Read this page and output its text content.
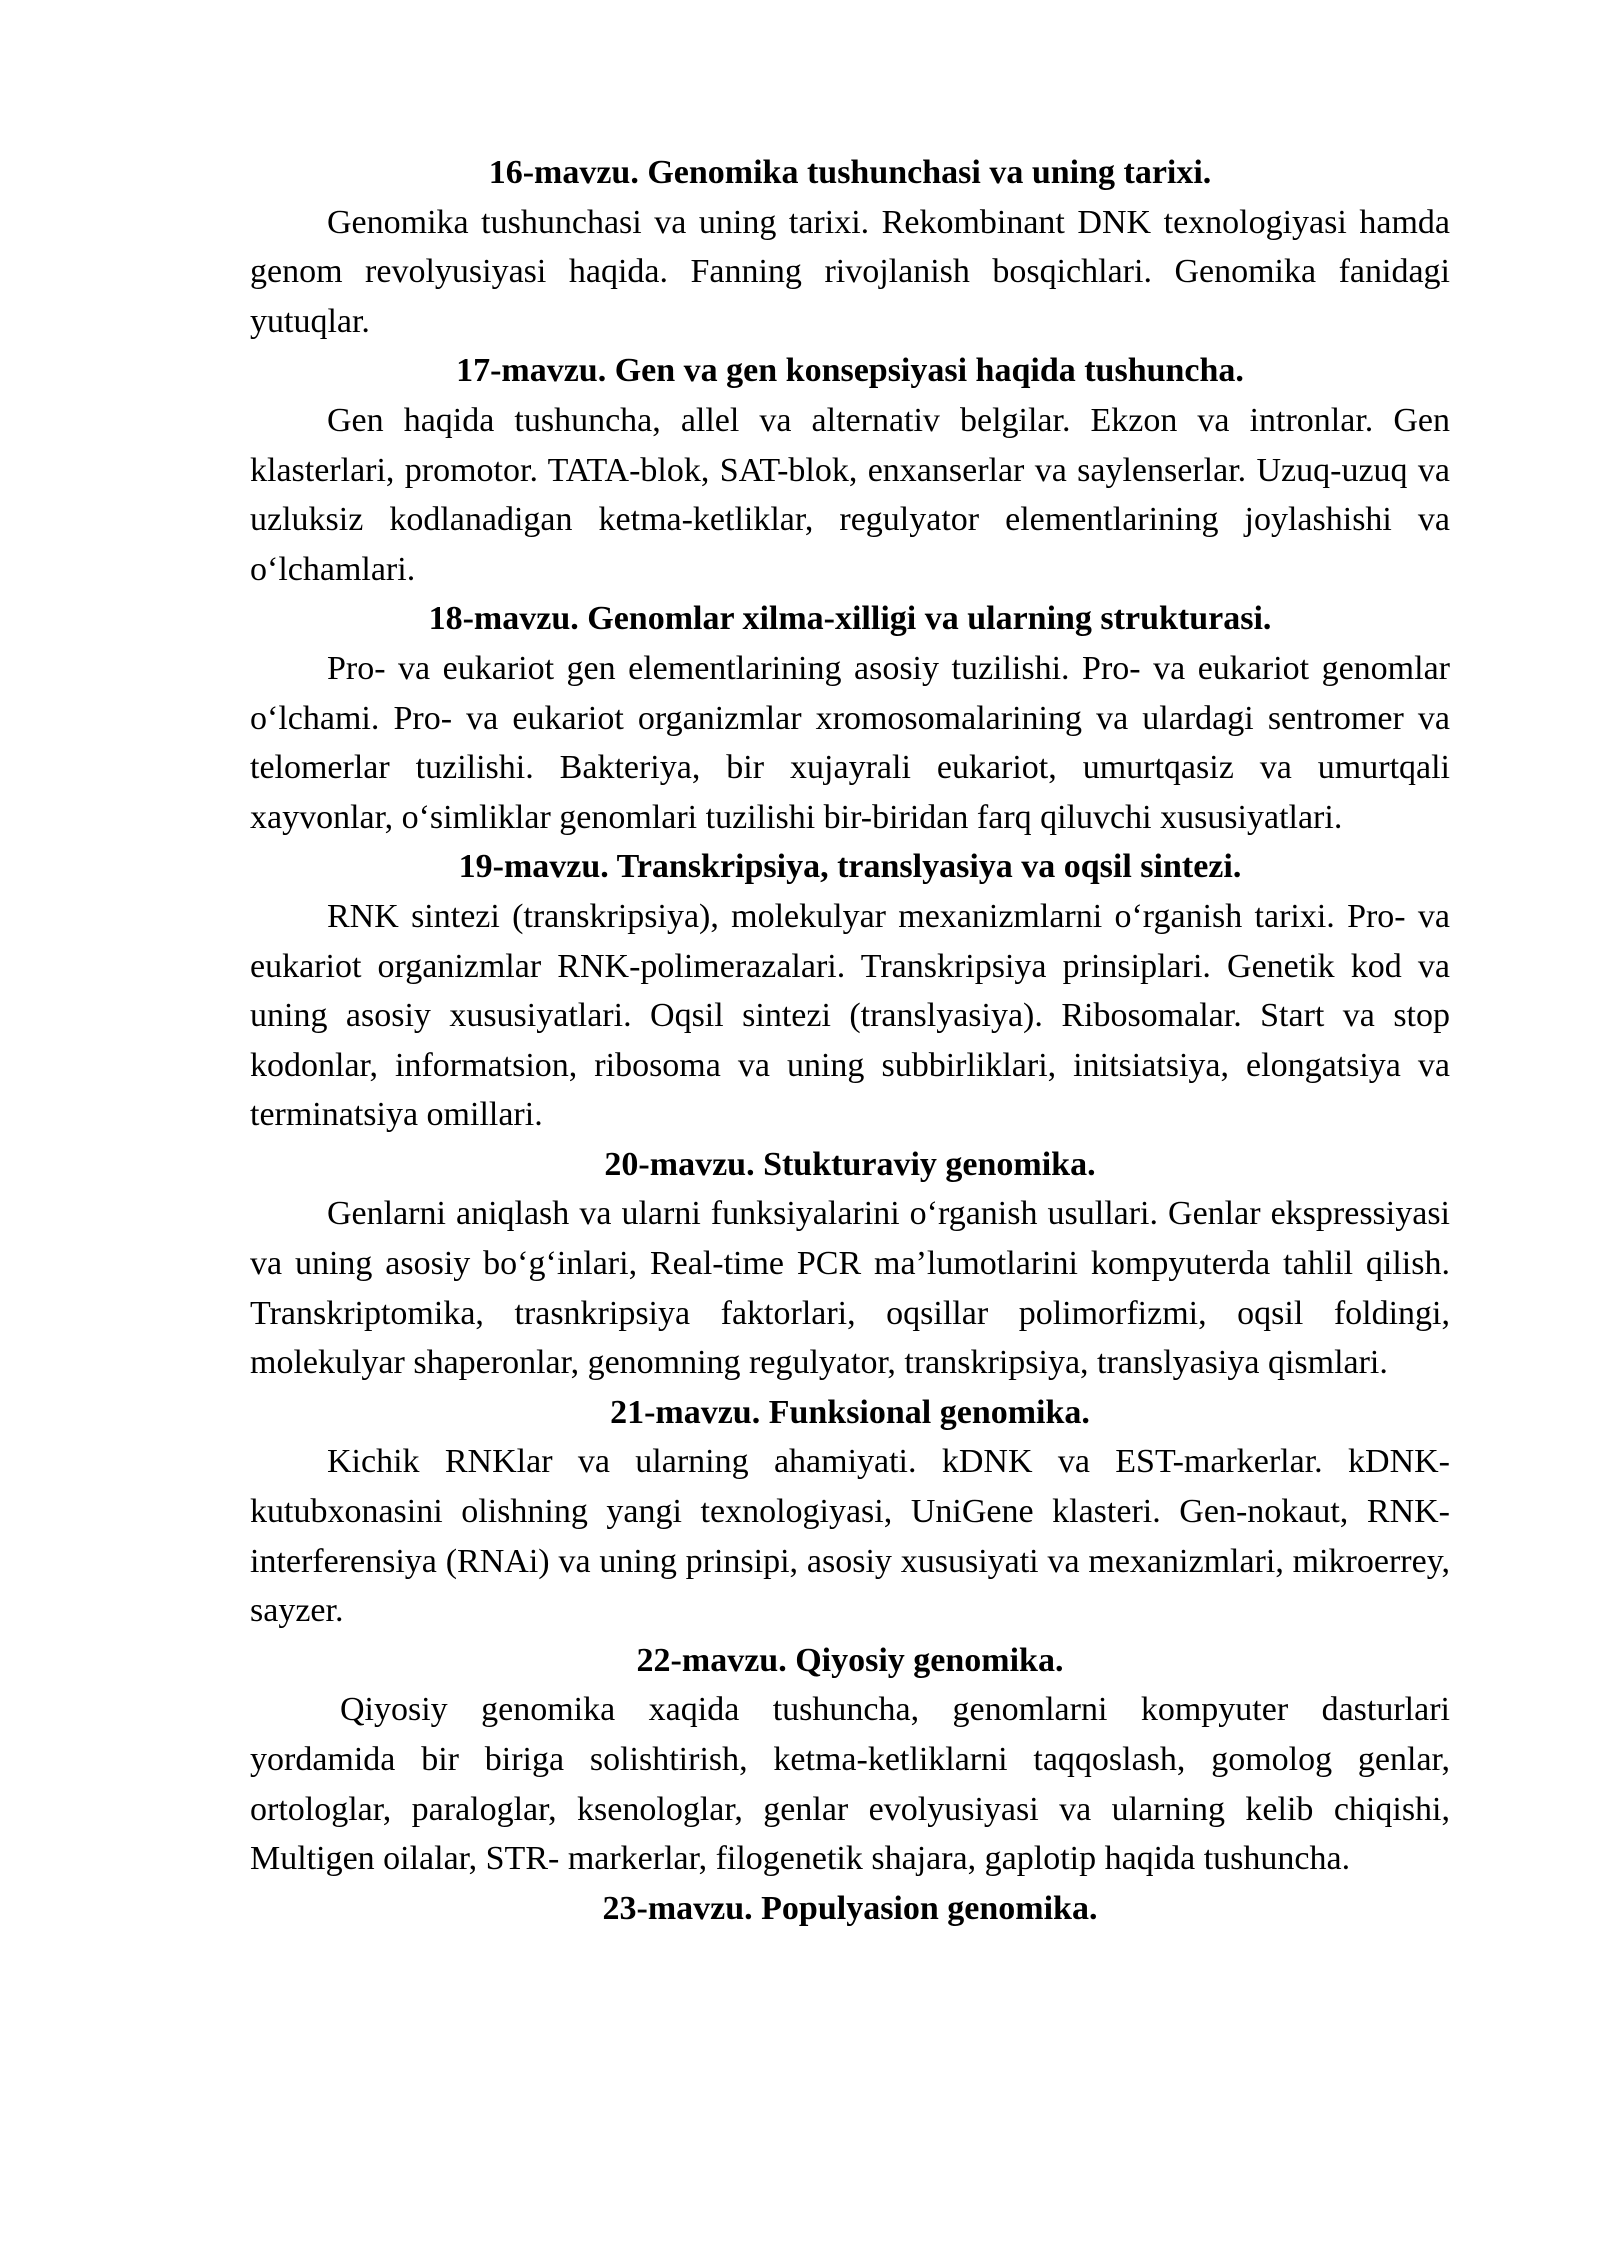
16-mavzu. Genomika tushunchasi va uning tarixi.

Genomika tushunchasi va uning tarixi. Rekombinant DNK texnologiyasi hamda genom revolyusiyasi haqida. Fanning rivojlanish bosqichlari. Genomika fanidagi yutuqlar.

17-mavzu. Gen va gen konsepsiyasi haqida tushuncha.

Gen haqida tushuncha, allel va alternativ belgilar. Ekzon va intronlar. Gen klasterlari, promotor. TATA-blok, SAT-blok, enxanserlar va saylenserlar. Uzuq-uzuq va uzluksiz kodlanadigan ketma-ketliklar, regulyator elementlarining joylashishi va o‘lchamlari.

18-mavzu. Genomlar xilma-xilligi va ularning strukturasi.

Pro- va eukariot gen elementlarining asosiy tuzilishi. Pro- va eukariot genomlar o‘lchami. Pro- va eukariot organizmlar xromosomalarining va ulardagi sentromer va telomerlar tuzilishi. Bakteriya, bir xujayrali eukariot, umurtqasiz va umurtqali xayvonlar, o‘simliklar genomlari tuzilishi bir-biridan farq qiluvchi xususiyatlari.

19-mavzu. Transkripsiya, translyasiya va oqsil sintezi.

RNK sintezi (transkripsiya), molekulyar mexanizmlarni o‘rganish tarixi. Pro- va eukariot organizmlar RNK-polimerazalari. Transkripsiya prinsiplari. Genetik kod va uning asosiy xususiyatlari. Oqsil sintezi (translyasiya). Ribosomalar. Start va stop kodonlar, informatsion, ribosoma va uning subbirliklari, initsiatsiya, elongatsiya va terminatsiya omillari.

20-mavzu. Stukturaviy genomika.

Genlarni aniqlash va ularni funksiyalarini o‘rganish usullari. Genlar ekspressiyasi va uning asosiy bo‘g‘inlari, Real-time PCR ma’lumotlarini kompyuterda tahlil qilish. Transkriptomika, trasnkripsiya faktorlari, oqsillar polimorfizmi, oqsil foldingi, molekulyar shaperonlar, genomning regulyator, transkripsiya, translyasiya qismlari.

21-mavzu. Funksional genomika.

Kichik RNKlar va ularning ahamiyati. kDNK va EST-markerlar. kDNK-kutubxonasini olishning yangi texnologiyasi, UniGene klasteri. Gen-nokaut, RNK-interferensiya (RNAi) va uning prinsipi, asosiy xususiyati va mexanizmlari, mikroerrey, sayzer.

22-mavzu. Qiyosiy genomika.

Qiyosiy genomika xaqida tushuncha, genomlarni kompyuter dasturlari yordamida bir biriga solishtirish, ketma-ketliklarni taqqoslash, gomolog genlar, ortologlar, paraloglar, ksenologlar, genlar evolyusiyasi va ularning kelib chiqishi, Multigen oilalar, STR- markerlar, filogenetik shajara, gaplotip haqida tushuncha.

23-mavzu. Populyasion genomika.
